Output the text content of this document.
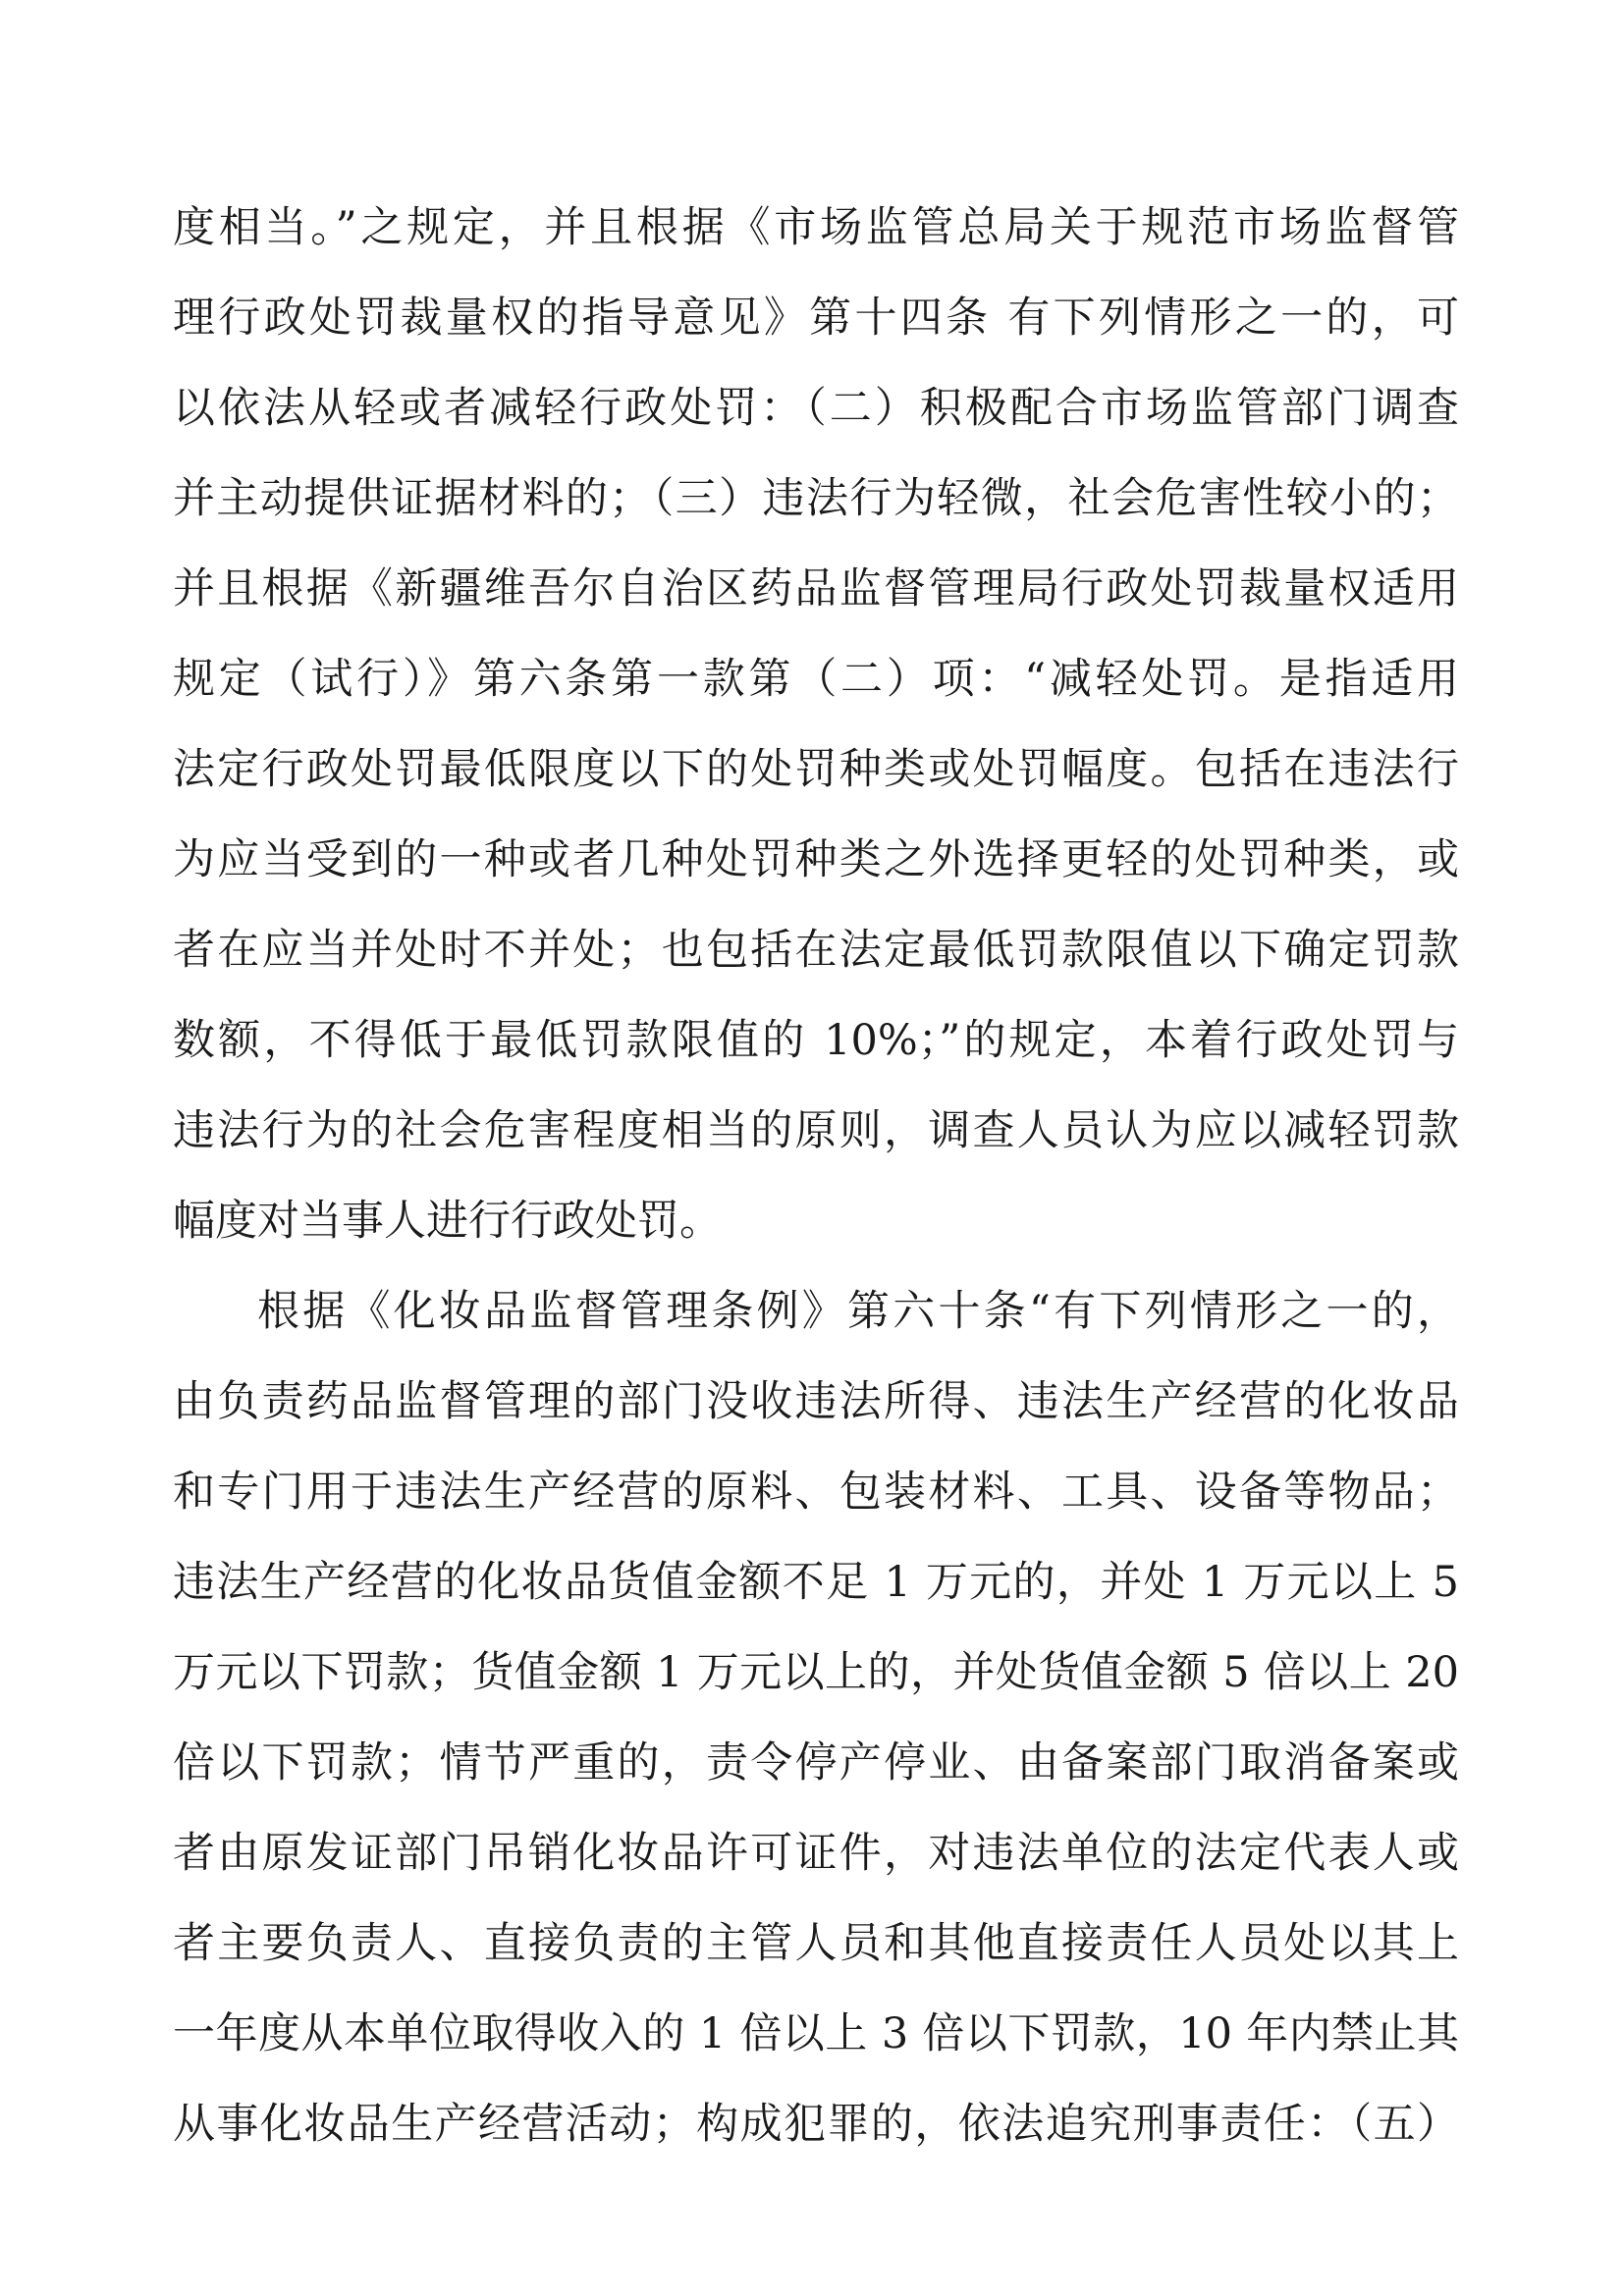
度相当。”之规定，并且根据《市场监管总局关于规范市场监督管
理行政处罚裁量权的指导意见》第十四条 有下列情形之一的，可
以依法从轻或者减轻行政处罚：（二）积极配合市场监管部门调查
并主动提供证据材料的；（三）违法行为轻微，社会危害性较小的；
并且根据《新疆维吾尔自治区药品监督管理局行政处罚裁量权适用
规定（试行）》第六条第一款第（二）项：“减轻处罚。是指适用
法定行政处罚最低限度以下的处罚种类或处罚幅度。包括在违法行
为应当受到的一种或者几种处罚种类之外选择更轻的处罚种类，或
者在应当并处时不并处；也包括在法定最低罚款限值以下确定罚款
数额，不得低于最低罚款限值的 10%；”的规定，本着行政处罚与
违法行为的社会危害程度相当的原则，调查人员认为应以减轻罚款
幅度对当事人进行行政处罚。
根据《化妆品监督管理条例》第六十条“有下列情形之一的，
由负责药品监督管理的部门没收违法所得、违法生产经营的化妆品
和专门用于违法生产经营的原料、包装材料、工具、设备等物品；
违法生产经营的化妆品货值金额不足 1 万元的，并处 1 万元以上 5
万元以下罚款；货值金额 1 万元以上的，并处货值金额 5 倍以上 20
倍以下罚款；情节严重的，责令停产停业、由备案部门取消备案或
者由原发证部门吊销化妆品许可证件，对违法单位的法定代表人或
者主要负责人、直接负责的主管人员和其他直接责任人员处以其上
一年度从本单位取得收入的 1 倍以上 3 倍以下罚款，10 年内禁止其
从事化妆品生产经营活动；构成犯罪的，依法追究刑事责任：（五）
